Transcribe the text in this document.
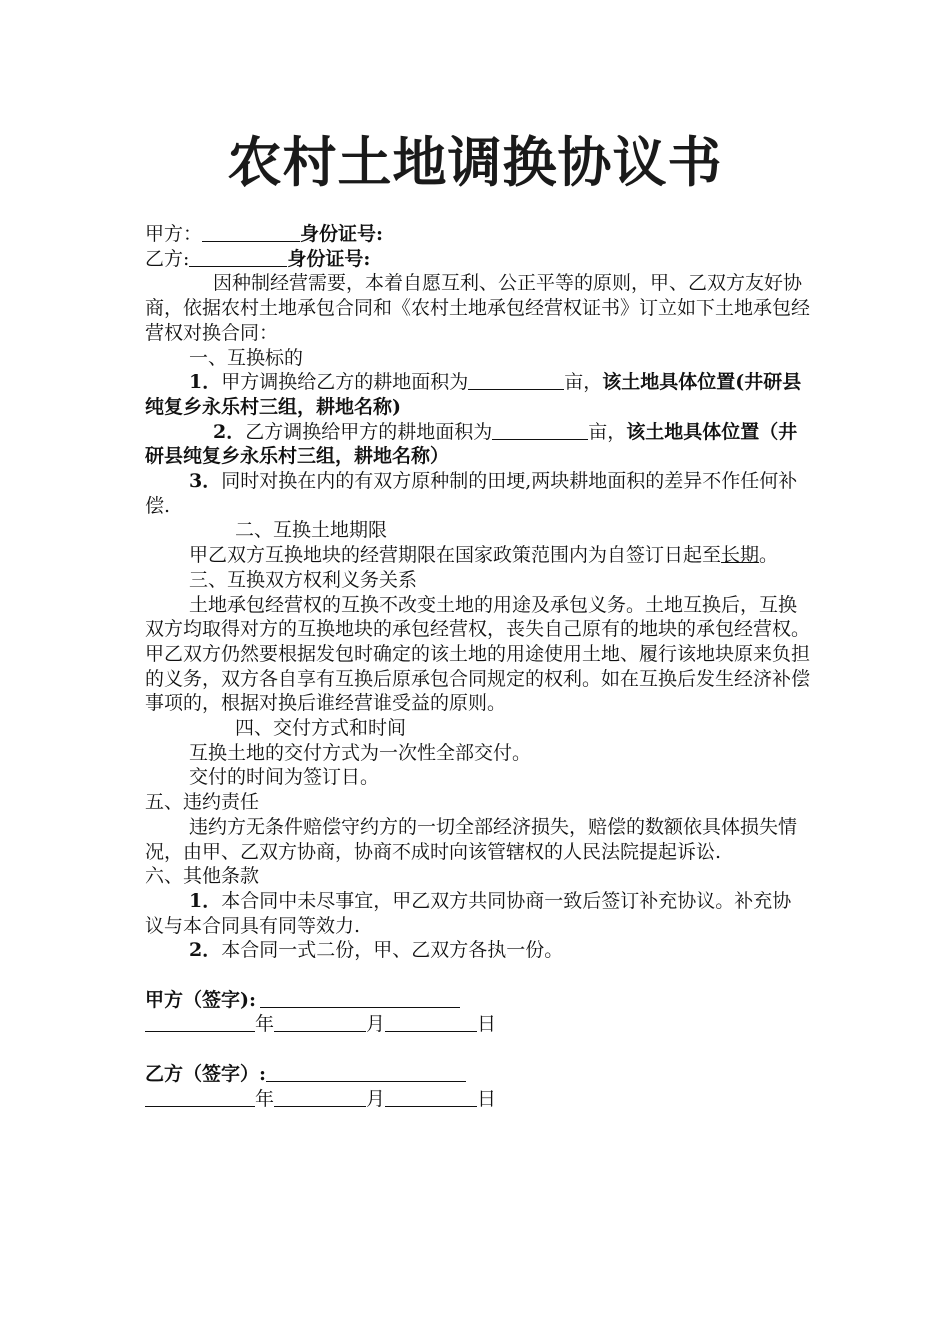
农村土地调换协议书

甲方：	身份证号:

乙方:	身份证号:

因种制经营需要，本着自愿互利、公正平等的原则，甲、乙双方友好协商，依据农村土地承包合同和《农村土地承包经营权证书》订立如下土地承包经营权对换合同：

一、互换标的

1．甲方调换给乙方的耕地面积为	亩，该土地具体位置(井研县纯复乡永乐村三组，耕地名称)

2．乙方调换给甲方的耕地面积为	亩，该土地具体位置（井研县纯复乡永乐村三组，耕地名称）

3．同时对换在内的有双方原种制的田埂,两块耕地面积的差异不作任何补偿.

二、互换土地期限

甲乙双方互换地块的经营期限在国家政策范围内为自签订日起至长期。

三、互换双方权利义务关系

土地承包经营权的互换不改变土地的用途及承包义务。土地互换后，互换双方均取得对方的互换地块的承包经营权，丧失自己原有的地块的承包经营权。甲乙双方仍然要根据发包时确定的该土地的用途使用土地、履行该地块原来负担的义务，双方各自享有互换后原承包合同规定的权利。如在互换后发生经济补偿事项的，根据对换后谁经营谁受益的原则。

四、交付方式和时间

互换土地的交付方式为一次性全部交付。

交付的时间为签订日。

五、违约责任

违约方无条件赔偿守约方的一切全部经济损失，赔偿的数额依具体损失情况，由甲、乙双方协商，协商不成时向该管辖权的人民法院提起诉讼.

六、其他条款

1．本合同中未尽事宜，甲乙双方共同协商一致后签订补充协议。补充协议与本合同具有同等效力.

2．本合同一式二份，甲、乙双方各执一份。

甲方（签字):

年	月	日

乙方（签字）:

年	月	日
